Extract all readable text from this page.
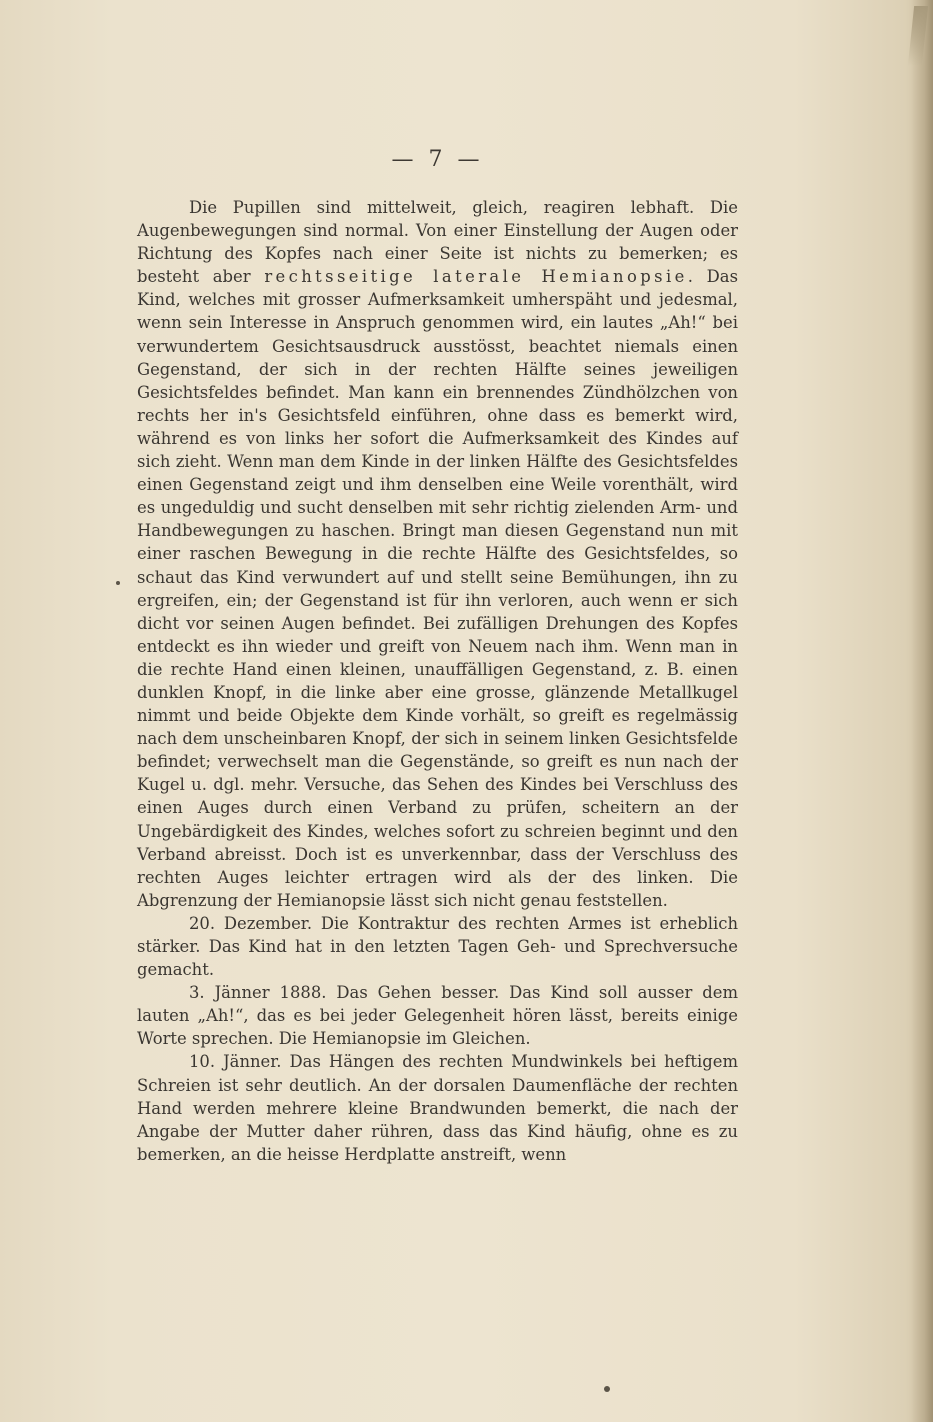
— 7 —

Die Pupillen sind mittelweit, gleich, reagiren lebhaft. Die Augenbewegungen sind normal. Von einer Einstellung der Augen oder Richtung des Kopfes nach einer Seite ist nichts zu bemerken; es besteht aber rechtsseitige laterale Hemianopsie. Das Kind, welches mit grosser Aufmerksamkeit umherspäht und jedesmal, wenn sein Interesse in Anspruch genommen wird, ein lautes „Ah!“ bei verwundertem Gesichtsausdruck ausstösst, beachtet niemals einen Gegenstand, der sich in der rechten Hälfte seines jeweiligen Gesichtsfeldes befindet. Man kann ein brennendes Zündhölzchen von rechts her in's Gesichtsfeld einführen, ohne dass es bemerkt wird, während es von links her sofort die Aufmerksamkeit des Kindes auf sich zieht. Wenn man dem Kinde in der linken Hälfte des Gesichtsfeldes einen Gegenstand zeigt und ihm denselben eine Weile vorenthält, wird es ungeduldig und sucht denselben mit sehr richtig zielenden Arm- und Handbewegungen zu haschen. Bringt man diesen Gegenstand nun mit einer raschen Bewegung in die rechte Hälfte des Gesichtsfeldes, so schaut das Kind verwundert auf und stellt seine Bemühungen, ihn zu ergreifen, ein; der Gegenstand ist für ihn verloren, auch wenn er sich dicht vor seinen Augen befindet. Bei zufälligen Drehungen des Kopfes entdeckt es ihn wieder und greift von Neuem nach ihm. Wenn man in die rechte Hand einen kleinen, unauffälligen Gegenstand, z. B. einen dunklen Knopf, in die linke aber eine grosse, glänzende Metallkugel nimmt und beide Objekte dem Kinde vorhält, so greift es regelmässig nach dem unscheinbaren Knopf, der sich in seinem linken Gesichtsfelde befindet; verwechselt man die Gegenstände, so greift es nun nach der Kugel u. dgl. mehr. Versuche, das Sehen des Kindes bei Verschluss des einen Auges durch einen Verband zu prüfen, scheitern an der Ungebärdigkeit des Kindes, welches sofort zu schreien beginnt und den Verband abreisst. Doch ist es unverkennbar, dass der Verschluss des rechten Auges leichter ertragen wird als der des linken. Die Abgrenzung der Hemianopsie lässt sich nicht genau feststellen.

20. Dezember. Die Kontraktur des rechten Armes ist erheblich stärker. Das Kind hat in den letzten Tagen Geh- und Sprechversuche gemacht.

3. Jänner 1888. Das Gehen besser. Das Kind soll ausser dem lauten „Ah!“, das es bei jeder Gelegenheit hören lässt, bereits einige Worte sprechen. Die Hemianopsie im Gleichen.

10. Jänner. Das Hängen des rechten Mundwinkels bei heftigem Schreien ist sehr deutlich. An der dorsalen Daumenfläche der rechten Hand werden mehrere kleine Brandwunden bemerkt, die nach der Angabe der Mutter daher rühren, dass das Kind häufig, ohne es zu bemerken, an die heisse Herdplatte anstreift, wenn
